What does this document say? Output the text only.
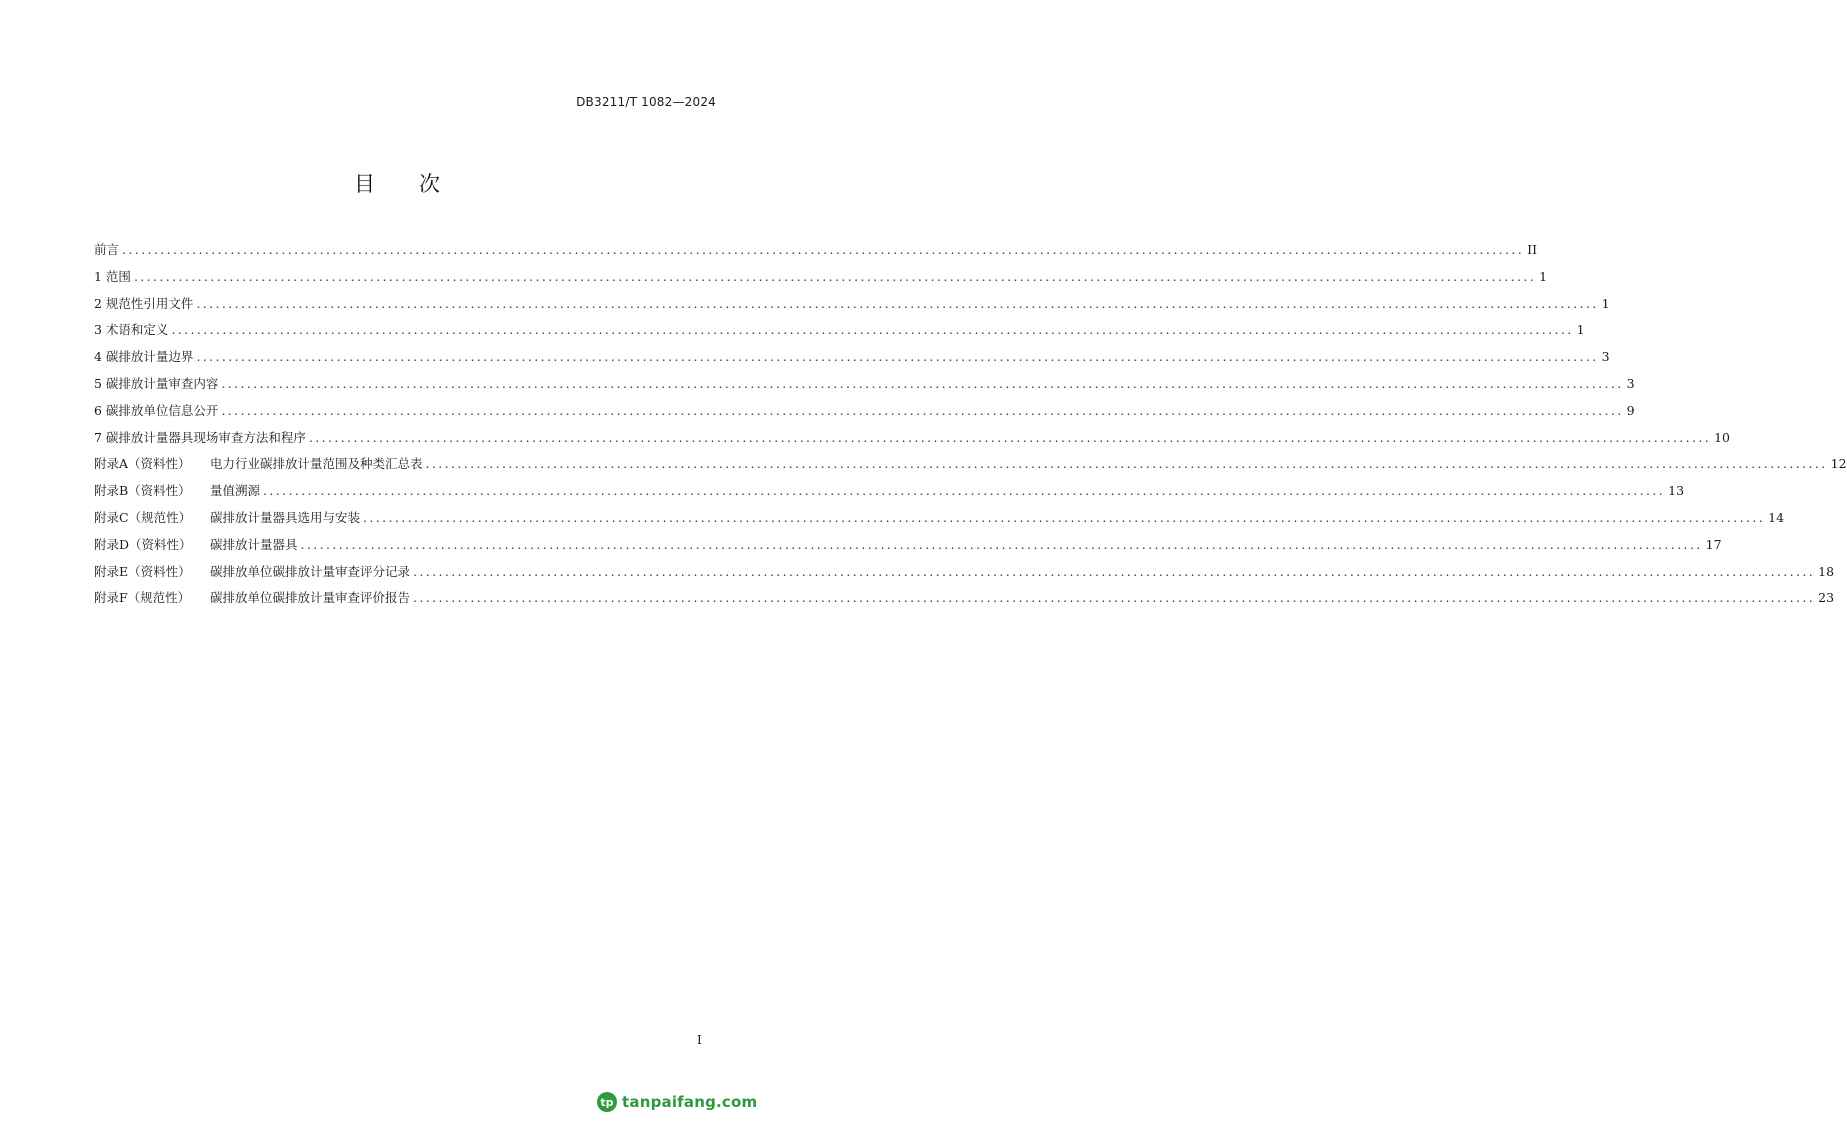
DB3211/T 1082—2024
目次
前言 ............................................................................................................................................................................................................................ II
1 范围 ............................................................................................................................................................................................................................ 1
2 规范性引用文件 ............................................................................................................................................................................................................................ 1
3 术语和定义 ............................................................................................................................................................................................................................ 1
4 碳排放计量边界 ............................................................................................................................................................................................................................ 3
5 碳排放计量审查内容 ............................................................................................................................................................................................................................ 3
6 碳排放单位信息公开 ............................................................................................................................................................................................................................ 9
7 碳排放计量器具现场审查方法和程序 ............................................................................................................................................................................................................................ 10
附录A（资料性） 电力行业碳排放计量范围及种类汇总表 ............................................................................................................................................................................................................................ 12
附录B（资料性） 量值溯源 ............................................................................................................................................................................................................................ 13
附录C（规范性） 碳排放计量器具选用与安装 ............................................................................................................................................................................................................................ 14
附录D（资料性） 碳排放计量器具 ............................................................................................................................................................................................................................ 17
附录E（资料性） 碳排放单位碳排放计量审查评分记录 ............................................................................................................................................................................................................................ 18
附录F（规范性） 碳排放单位碳排放计量审查评价报告 ............................................................................................................................................................................................................................ 23
I
tp tanpaifang.com
